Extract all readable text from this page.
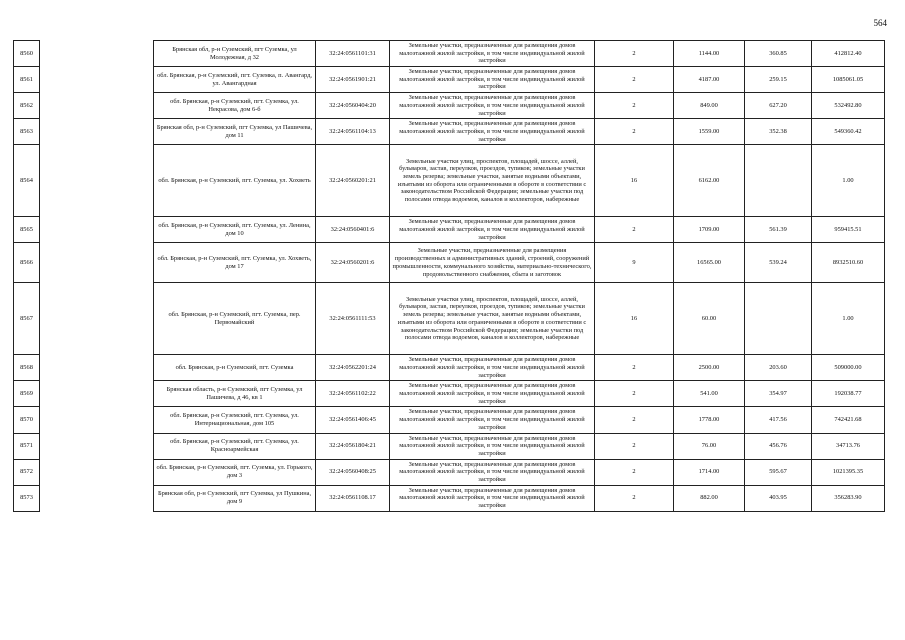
564
8560		Брянская обл, р-н Суземский, пгт Суземка, ул Молодежная, д 32	32:24:0561101:31	Земельные участки, предназначенные для размещения домов малоэтажной жилой застройки, в том числе индивидуальной жилой застройки	2	1144.00	360.85	412812.40
8561		обл. Брянская, р-н Суземский, пгт. Суземка, п. Авангард, ул. Авангардная	32:24:0561901:21	Земельные участки, предназначенные для размещения домов малоэтажной жилой застройки, в том числе индивидуальной жилой застройки	2	4187.00	259.15	1085061.05
8562		обл. Брянская, р-н Суземский, пгт. Суземка, ул. Некрасова, дом 6-б	32:24:0560404:20	Земельные участки, предназначенные для размещения домов малоэтажной жилой застройки, в том числе индивидуальной жилой застройки	2	849.00	627.20	532492.80
8563		Брянская обл, р-н Суземский, пгт Суземка, ул Пашичева, дом 11	32:24:0561104:13	Земельные участки, предназначенные для размещения домов малоэтажной жилой застройки, в том числе индивидуальной жилой застройки	2	1559.00	352.38	549360.42
8564		обл. Брянская, р-н Суземский, пгт. Суземка, ул. Хохветь	32:24:0560201:21	Земельные участки улиц, проспектов, площадей, шоссе, аллей, бульваров, застав, переулков, проездов, тупиков; земельные участки земель резерва; земельные участки, занятые водными объектами, изъятыми из оборота или ограниченными в обороте в соответствии с законодательством Российской Федерации; земельные участки под полосами отвода водоемов, каналов и коллекторов, набережные	16	6162.00		1.00
8565		обл. Брянская, р-н Суземский, пгт. Суземка, ул. Ленина, дом 10	32:24:0560401:6	Земельные участки, предназначенные для размещения домов малоэтажной жилой застройки, в том числе индивидуальной жилой застройки	2	1709.00	561.39	959415.51
8566		обл. Брянская, р-н Суземский, пгт. Суземка, ул. Хохветь, дом 17	32:24:0560201:6	Земельные участки, предназначенные для размещения производственных и административных зданий, строений, сооружений промышленности, коммунального хозяйства, материально-технического, продовольственного снабжения, сбыта и заготовок	9	16565.00	539.24	8932510.60
8567		обл. Брянская, р-н Суземский, пгт. Суземка, пер. Первомайский	32:24:0561111:53	Земельные участки улиц, проспектов, площадей, шоссе, аллей, бульваров, застав, переулков, проездов, тупиков; земельные участки земель резерва; земельные участки, занятые водными объектами, изъятыми из оборота или ограниченными в обороте в соответствии с законодательством Российской Федерации; земельные участки под полосами отвода водоемов, каналов и коллекторов, набережные	16	60.00		1.00
8568		обл. Брянская, р-н Суземский, пгт. Суземка	32:24:0562201:24	Земельные участки, предназначенные для размещения домов малоэтажной жилой застройки, в том числе индивидуальной жилой застройки	2	2500.00	203.60	509000.00
8569		Брянская область, р-н Суземский, пгт Суземка, ул Пашичева, д 46, кв 1	32:24:0561102:22	Земельные участки, предназначенные для размещения домов малоэтажной жилой застройки, в том числе индивидуальной жилой застройки	2	541.00	354.97	192038.77
8570		обл. Брянская, р-н Суземский, пгт. Суземка, ул. Интернациональная, дом 105	32:24:0561406:45	Земельные участки, предназначенные для размещения домов малоэтажной жилой застройки, в том числе индивидуальной жилой застройки	2	1778.00	417.56	742421.68
8571		обл. Брянская, р-н Суземский, пгт. Суземка, ул. Красноармейская	32:24:0561804:21	Земельные участки, предназначенные для размещения домов малоэтажной жилой застройки, в том числе индивидуальной жилой застройки	2	76.00	456.76	34713.76
8572		обл. Брянская, р-н Суземский, пгт. Суземка, ул. Горького, дом 3	32:24:0560408:25	Земельные участки, предназначенные для размещения домов малоэтажной жилой застройки, в том числе индивидуальной жилой застройки	2	1714.00	595.67	1021395.35
8573		Брянская обл, р-н Суземский, пгт Суземка, ул Пушкина, дом 9	32:24:0561108.17	Земельные участки, предназначенные для размещения домов малоэтажной жилой застройки, в том числе индивидуальной жилой застройки	2	882.00	403.95	356283.90
